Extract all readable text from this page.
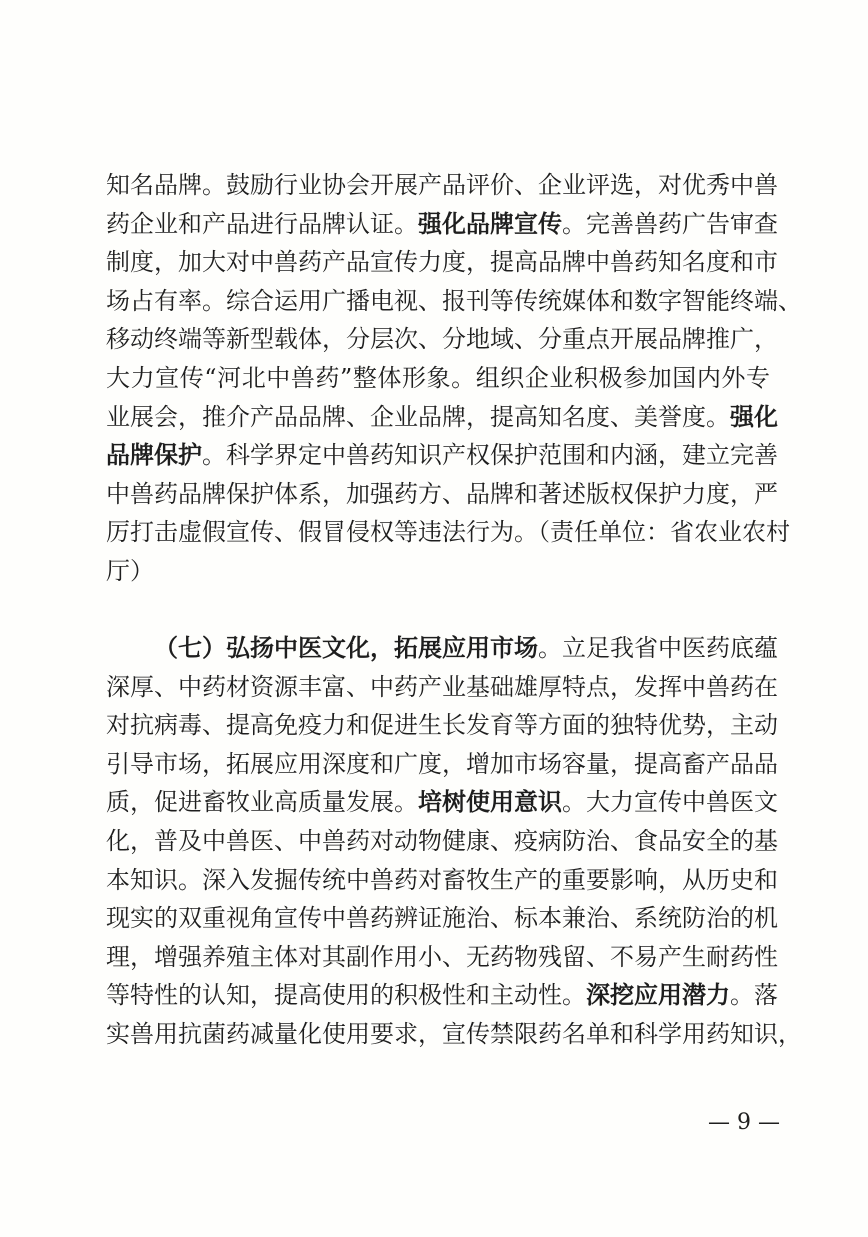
知名品牌。鼓励行业协会开展产品评价、企业评选，对优秀中兽
药企业和产品进行品牌认证。强化品牌宣传。完善兽药广告审查
制度，加大对中兽药产品宣传力度，提高品牌中兽药知名度和市
场占有率。综合运用广播电视、报刊等传统媒体和数字智能终端、
移动终端等新型载体，分层次、分地域、分重点开展品牌推广，
大力宣传“河北中兽药”整体形象。组织企业积极参加国内外专
业展会，推介产品品牌、企业品牌，提高知名度、美誉度。强化
品牌保护。科学界定中兽药知识产权保护范围和内涵，建立完善
中兽药品牌保护体系，加强药方、品牌和著述版权保护力度，严
厉打击虚假宣传、假冒侵权等违法行为。（责任单位：省农业农村
厅）
（七）弘扬中医文化，拓展应用市场。立足我省中医药底蕴
深厚、中药材资源丰富、中药产业基础雄厚特点，发挥中兽药在
对抗病毒、提高免疫力和促进生长发育等方面的独特优势，主动
引导市场，拓展应用深度和广度，增加市场容量，提高畜产品品
质，促进畜牧业高质量发展。培树使用意识。大力宣传中兽医文
化，普及中兽医、中兽药对动物健康、疫病防治、食品安全的基
本知识。深入发掘传统中兽药对畜牧生产的重要影响，从历史和
现实的双重视角宣传中兽药辨证施治、标本兼治、系统防治的机
理，增强养殖主体对其副作用小、无药物残留、不易产生耐药性
等特性的认知，提高使用的积极性和主动性。深挖应用潜力。落
实兽用抗菌药减量化使用要求，宣传禁限药名单和科学用药知识，
— 9 —
